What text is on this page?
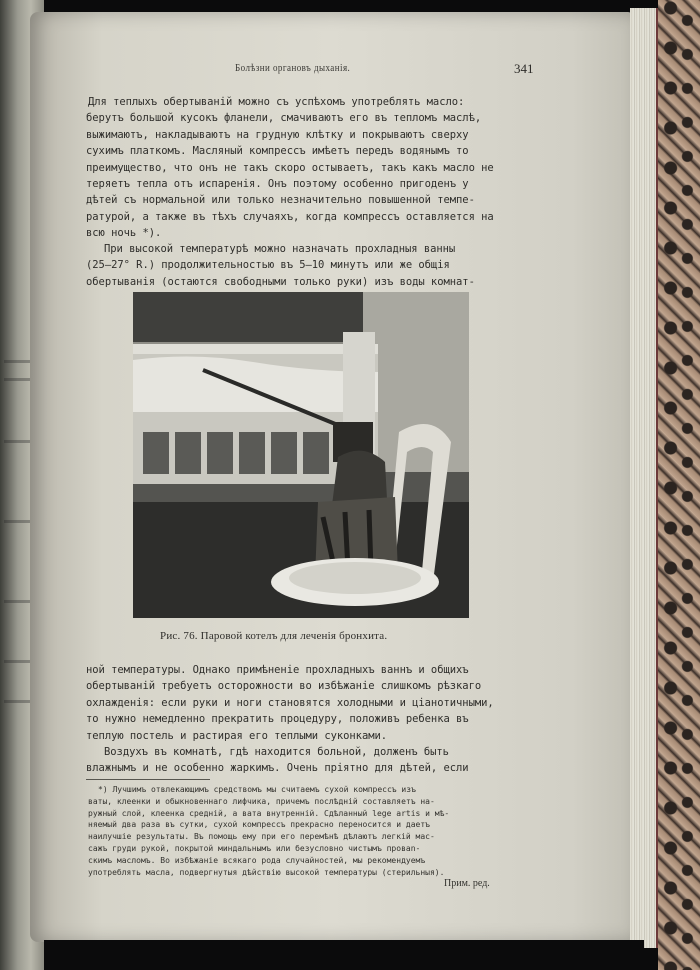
Болѣзни органовъ дыханія.	341
Для теплыхъ обертываній можно съ успѣхомъ употреблять масло:
берутъ большой кусокъ фланели, смачиваютъ его въ тепломъ маслѣ,
выжимаютъ, накладываютъ на грудную клѣтку и покрываютъ сверху
сухимъ платкомъ. Масляный компрессъ имѣетъ передъ водянымъ то
преимущество, что онъ не такъ скоро остываетъ, такъ какъ масло не
теряетъ тепла отъ испаренія. Онъ поэтому особенно пригоденъ у
дѣтей съ нормальной или только незначительно повышенной темпе-
ратурой, а также въ тѣхъ случаяхъ, когда компрессъ оставляется на
всю ночь *).
При высокой температурѣ можно назначать прохладныя ванны
(25—27° R.) продолжительностью въ 5—10 минутъ или же общія
обертыванія (остаются свободными только руки) изъ воды комнат-
Рис. 76. Паровой котелъ для леченія бронхита.
ной температуры. Однако примѣненіе прохладныхъ ваннъ и общихъ
обертываній требуетъ осторожности во избѣжаніе слишкомъ рѣзкаго
охлажденія: если руки и ноги становятся холодными и ціанотичными,
то нужно немедленно прекратить процедуру, положивъ ребенка въ
теплую постель и растирая его теплыми суконками.
Воздухъ въ комнатѣ, гдѣ находится больной, долженъ быть
влажнымъ и не особенно жаркимъ. Очень пріятно для дѣтей, если
*) Лучшимъ отвлекающимъ средствомъ мы считаемъ сухой компрессъ изъ
ваты, клеенки и обыкновеннаго лифчика, причемъ послѣдній составляетъ на-
ружный слой, клеенка средній, а вата внутренній. Сдѣланный lege artis и мѣ-
няемый два раза въ сутки, сухой компрессъ прекрасно переносится и даетъ
наилучшіе результаты. Въ помощь ему при его перемѣнѣ дѣлаютъ легкій мас-
сажъ груди рукой, покрытой миндальнымъ или безусловно чистымъ провan-
скимъ масломъ. Во избѣжаніе всякаго рода случайностей, мы рекомендуемъ
употреблять масла, подвергнутыя дѣйствію высокой температуры (стерильныя).
Прим. ред.
